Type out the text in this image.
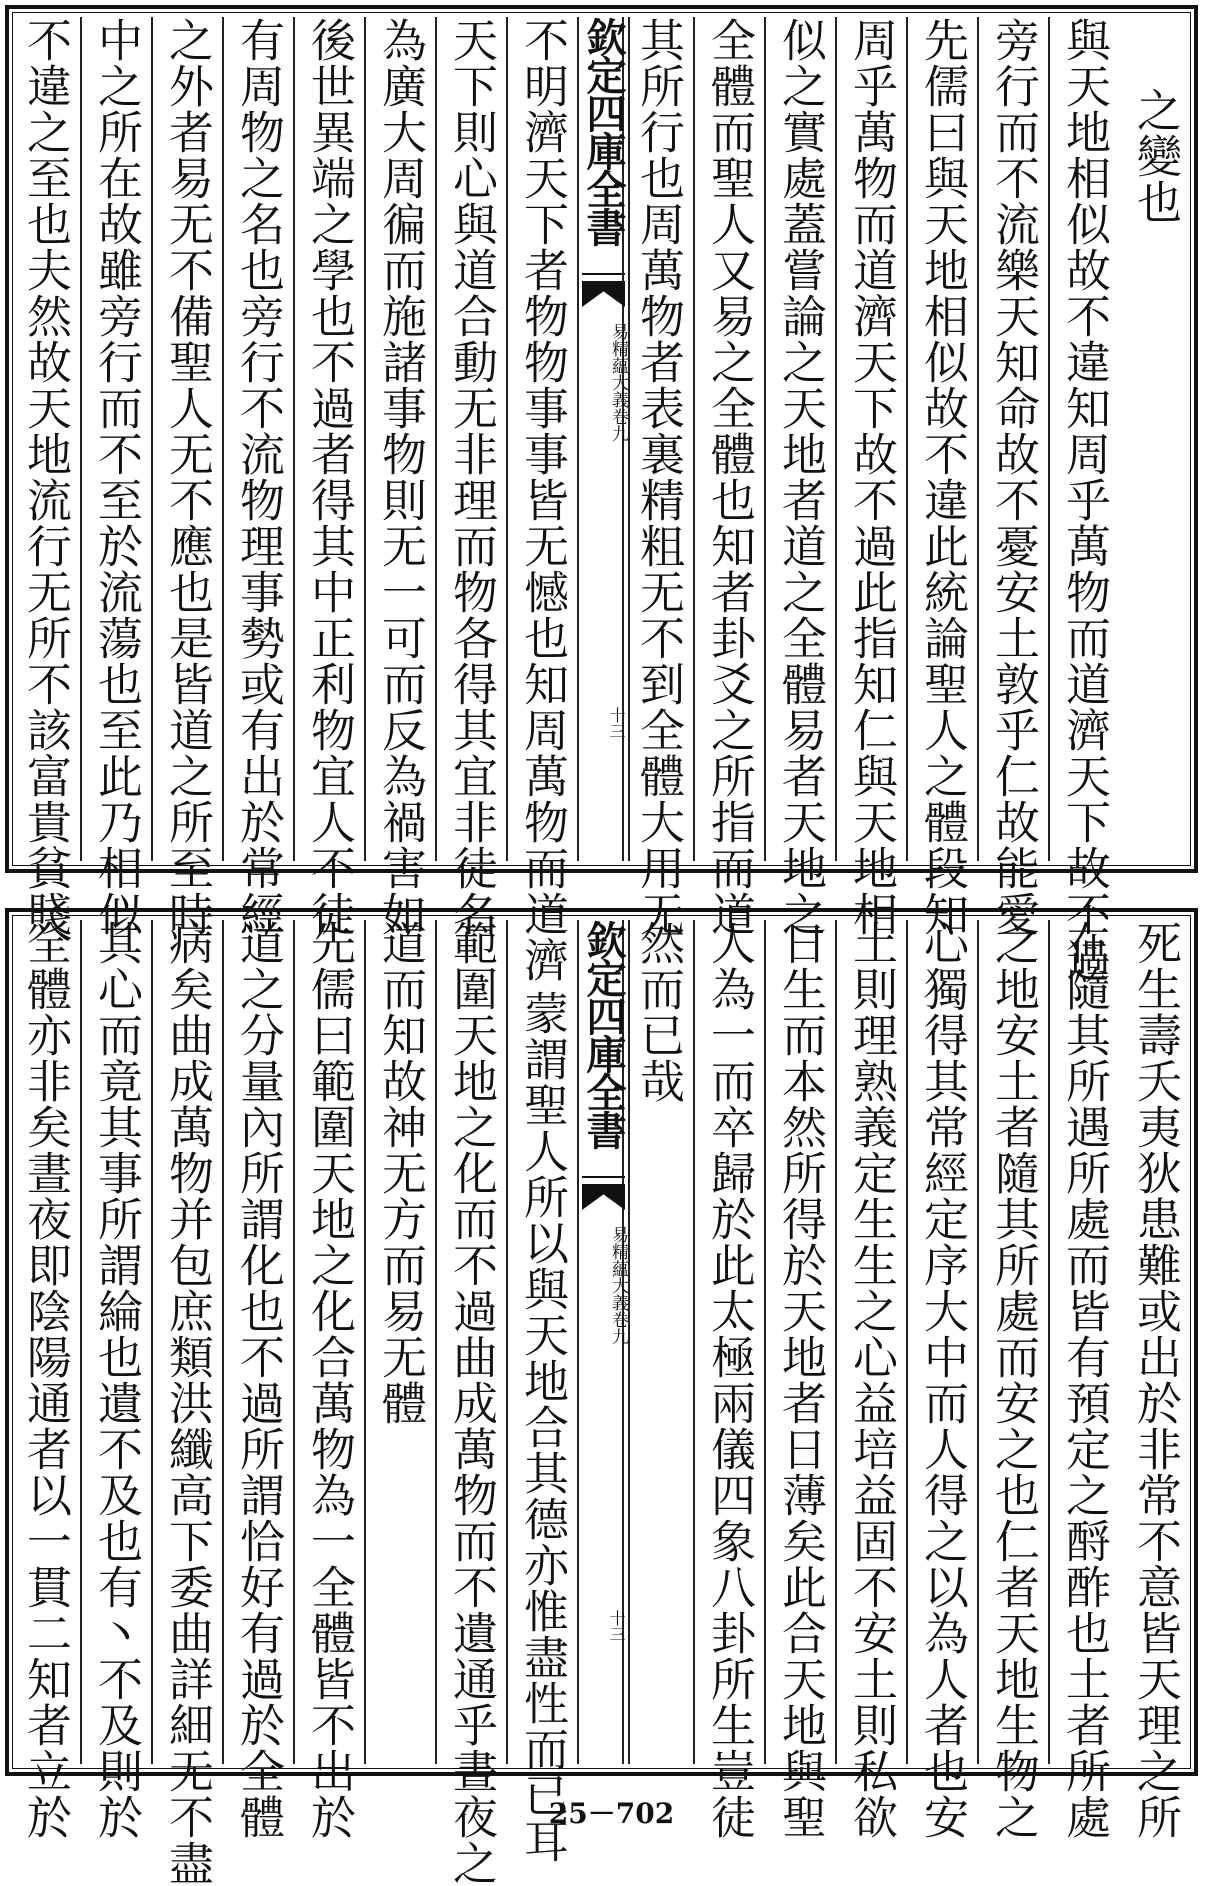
之變也
與天地相似故不違知周乎萬物而道濟天下故不過
旁行而不流樂天知命故不憂安土敦乎仁故能愛
先儒曰與天地相似故不違此統論聖人之體段知
周乎萬物而道濟天下故不過此指知仁與天地相
似之實處蓋嘗論之天地者道之全體易者天地之
全體而聖人又易之全體也知者卦爻之所指而道
其所行也周萬物者表裏精粗无不到全體大用无
欽定四庫全書
易精蘊大義卷九
十三
不明濟天下者物物事事皆无憾也知周萬物而道濟
天下則心與道合動无非理而物各得其宜非徒名
為廣大周徧而施諸事物則无一可而反為禍害如
後世異端之學也不過者得其中正利物宜人不徒
有周物之名也旁行不流物理事勢或有出於常經
之外者易无不備聖人无不應也是皆道之所至時
中之所在故雖旁行而不至於流蕩也至此乃相似
不違之至也夫然故天地流行无所不該富貴貧賤
死生壽夭夷狄患難或出於非常不意皆天理之所
在隨其所遇所處而皆有預定之酹酢也土者所處
之地安土者隨其所處而安之也仁者天地生物之
心獨得其常經定序大中而人得之以為人者也安
土則理熟義定生生之心益培益固不安土則私欲
日生而本然所得於天地者日薄矣此合天地與聖
人為一而卒歸於此太極兩儀四象八卦所生豈徒
然而已哉
欽定四庫全書
易精蘊大義卷九
十三
蒙謂聖人所以與天地合其德亦惟盡性而已耳
範圍天地之化而不過曲成萬物而不遺通乎晝夜之
道而知故神无方而易无體
先儒曰範圍天地之化合萬物為一全體皆不出於
道之分量內所謂化也不過所謂恰好有過於全體
病矣曲成萬物并包庶類洪纖高下委曲詳細无不盡
其心而竟其事所謂綸也遺不及也有丶不及則於
全體亦非矣晝夜即陰陽通者以一貫二知者立於	25－702
